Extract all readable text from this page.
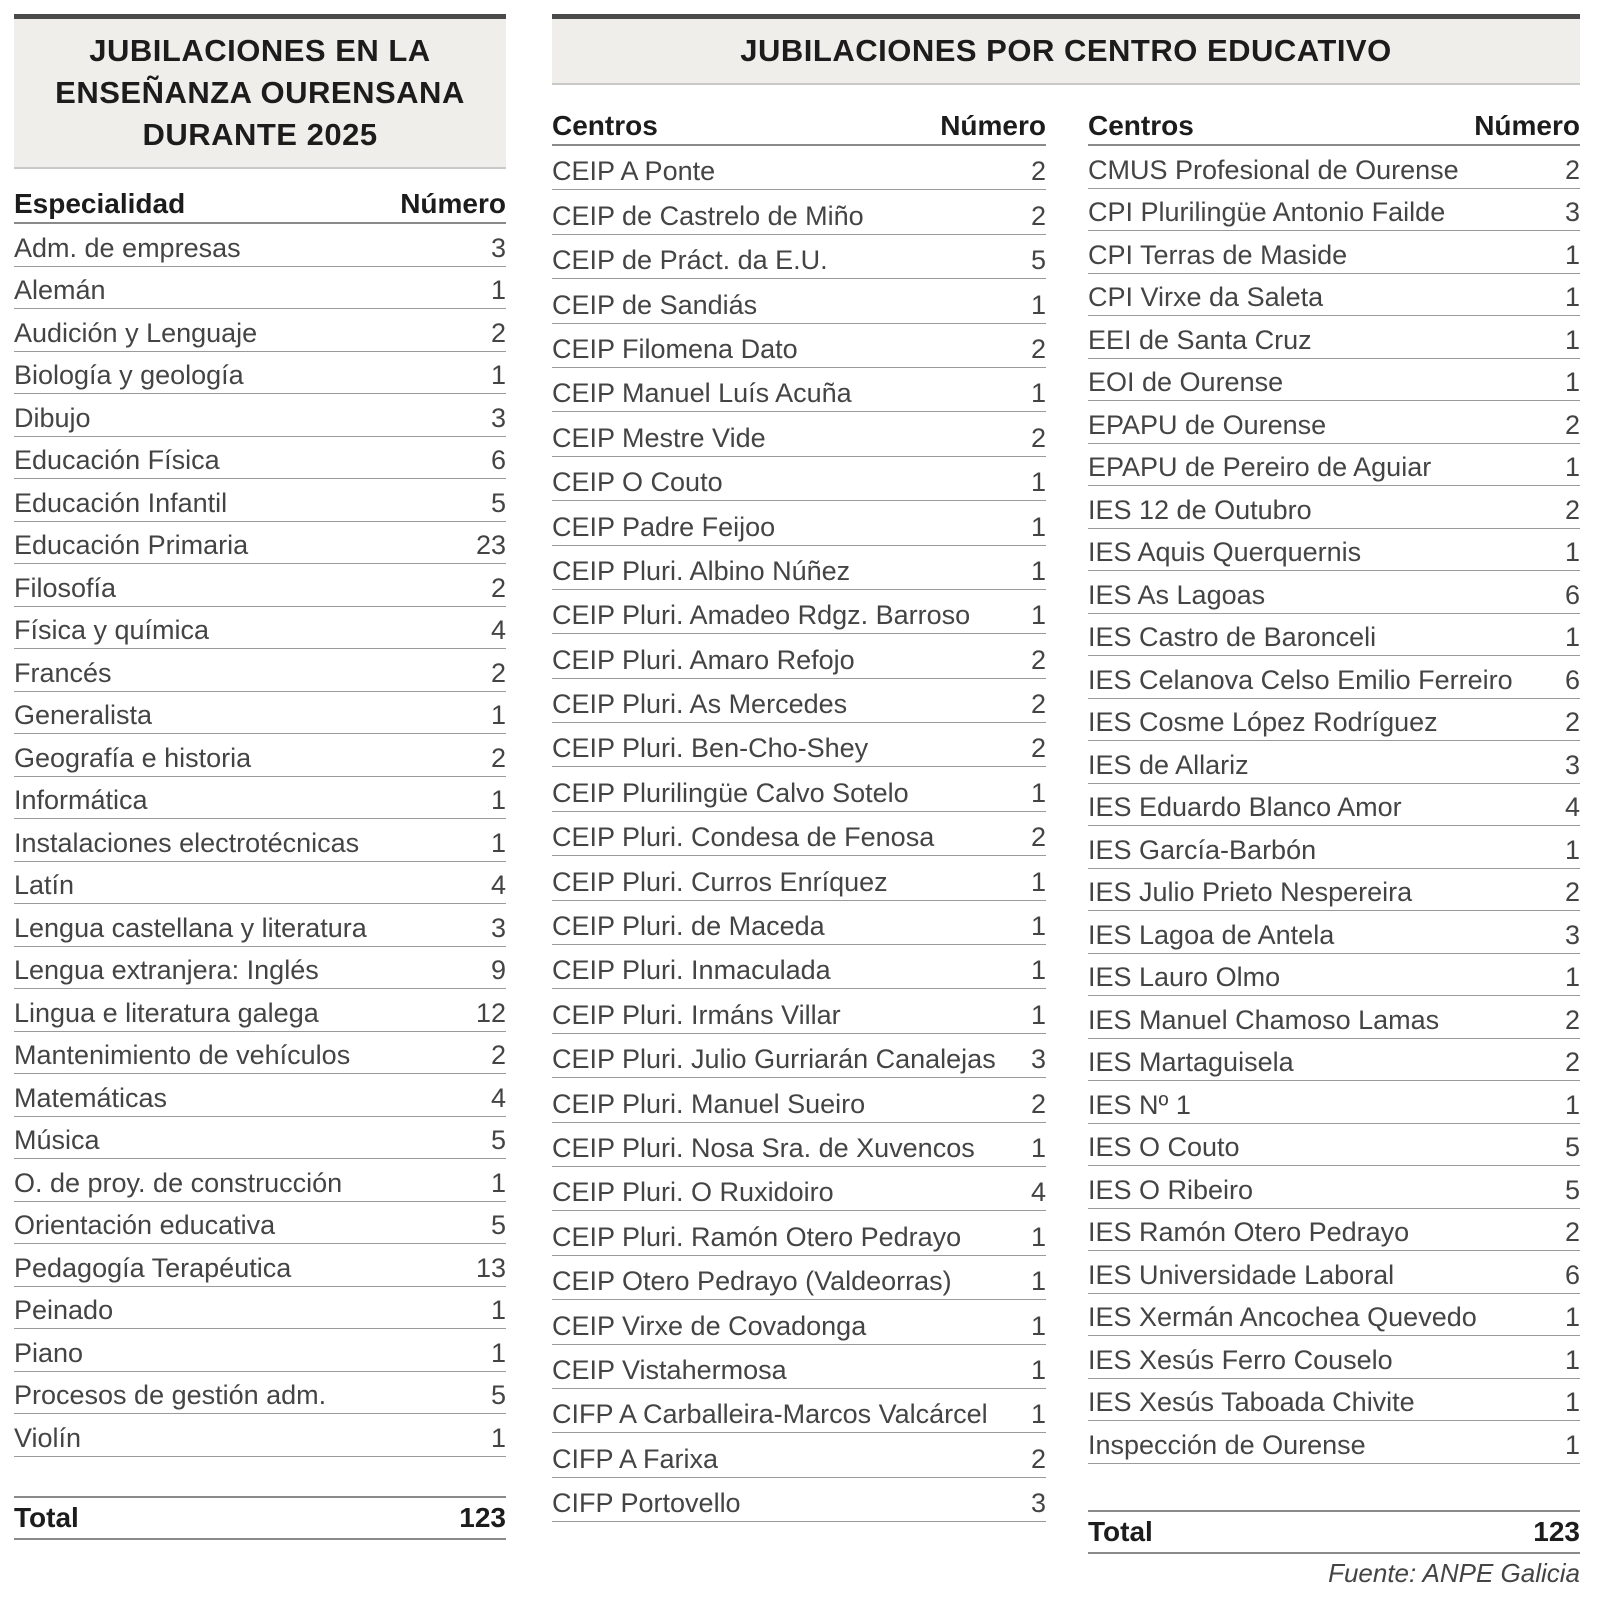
JUBILACIONES EN LA
ENSEÑANZA OURENSANA
DURANTE 2025
Especialidad	Número
Adm. de empresas	3
Alemán	1
Audición y Lenguaje	2
Biología y geología	1
Dibujo	3
Educación Física	6
Educación Infantil	5
Educación Primaria	23
Filosofía	2
Física y química	4
Francés	2
Generalista	1
Geografía e historia	2
Informática	1
Instalaciones electrotécnicas	1
Latín	4
Lengua castellana y literatura	3
Lengua extranjera: Inglés	9
Lingua e literatura galega	12
Mantenimiento de vehículos	2
Matemáticas	4
Música	5
O. de proy. de construcción	1
Orientación educativa	5
Pedagogía Terapéutica	13
Peinado	1
Piano	1
Procesos de gestión adm.	5
Violín	1
Total	123
JUBILACIONES POR CENTRO EDUCATIVO
Centros	Número
CEIP A Ponte	2
CEIP de Castrelo de Miño	2
CEIP de Práct. da E.U.	5
CEIP de Sandiás	1
CEIP Filomena Dato	2
CEIP Manuel Luís Acuña	1
CEIP Mestre Vide	2
CEIP O Couto	1
CEIP Padre Feijoo	1
CEIP Pluri. Albino Núñez	1
CEIP Pluri. Amadeo Rdgz. Barroso	1
CEIP Pluri. Amaro Refojo	2
CEIP Pluri. As Mercedes	2
CEIP Pluri. Ben-Cho-Shey	2
CEIP Plurilingüe Calvo Sotelo	1
CEIP Pluri. Condesa de Fenosa	2
CEIP Pluri. Curros Enríquez	1
CEIP Pluri. de Maceda	1
CEIP Pluri. Inmaculada	1
CEIP Pluri. Irmáns Villar	1
CEIP Pluri. Julio Gurriarán Canalejas	3
CEIP Pluri. Manuel Sueiro	2
CEIP Pluri. Nosa Sra. de Xuvencos	1
CEIP Pluri. O Ruxidoiro	4
CEIP Pluri. Ramón Otero Pedrayo	1
CEIP Otero Pedrayo (Valdeorras)	1
CEIP Virxe de Covadonga	1
CEIP Vistahermosa	1
CIFP A Carballeira-Marcos Valcárcel	1
CIFP A Farixa	2
CIFP Portovello	3
Centros	Número
CMUS Profesional de Ourense	2
CPI Plurilingüe Antonio Failde	3
CPI Terras de Maside	1
CPI Virxe da Saleta	1
EEI de Santa Cruz	1
EOI de Ourense	1
EPAPU de Ourense	2
EPAPU de Pereiro de Aguiar	1
IES 12 de Outubro	2
IES Aquis Querquernis	1
IES As Lagoas	6
IES Castro de Baronceli	1
IES Celanova Celso Emilio Ferreiro	6
IES Cosme López Rodríguez	2
IES de Allariz	3
IES Eduardo Blanco Amor	4
IES García-Barbón	1
IES Julio Prieto Nespereira	2
IES Lagoa de Antela	3
IES Lauro Olmo	1
IES Manuel Chamoso Lamas	2
IES Martaguisela	2
IES Nº 1	1
IES O Couto	5
IES O Ribeiro	5
IES Ramón Otero Pedrayo	2
IES Universidade Laboral	6
IES Xermán Ancochea Quevedo	1
IES Xesús Ferro Couselo	1
IES Xesús Taboada Chivite	1
Inspección de Ourense	1
Total	123
Fuente: ANPE Galicia
